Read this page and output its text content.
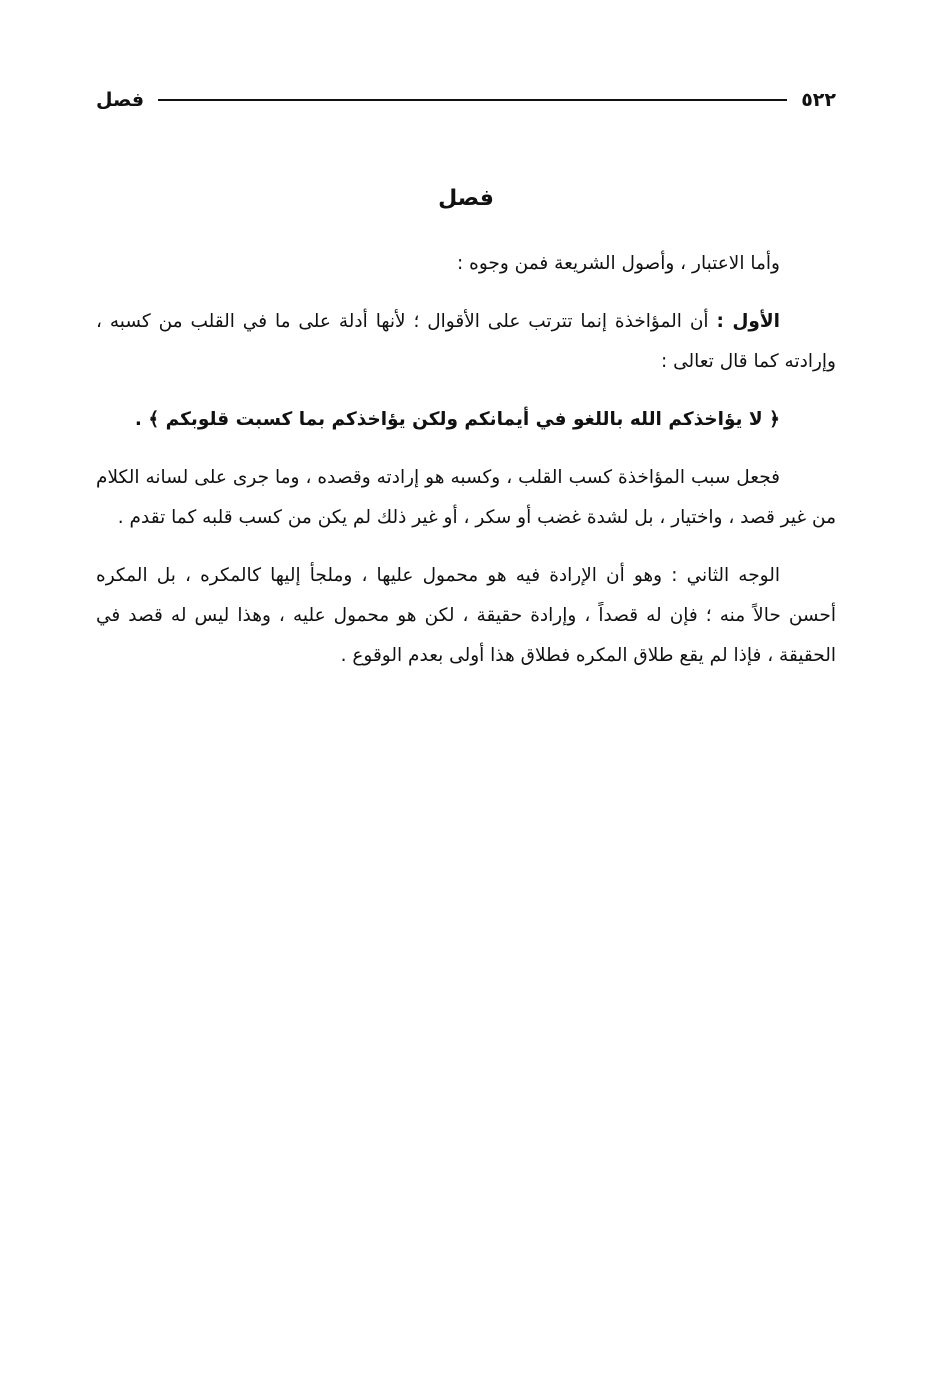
٥٢٢
فصل
فصل

وأما الاعتبار ، وأصول الشريعة فمن وجوه :

الأول : أن المؤاخذة إنما تترتب على الأقوال ؛ لأنها أدلة على ما في القلب من كسبه ، وإرادته كما قال تعالى :

﴿ لا يؤاخذكم الله باللغو في أيمانكم ولكن يؤاخذكم بما كسبت قلوبكم ﴾ .

فجعل سبب المؤاخذة كسب القلب ، وكسبه هو إرادته وقصده ، وما جرى على لسانه الكلام من غير قصد ، واختيار ، بل لشدة غضب أو سكر ، أو غير ذلك لم يكن من كسب قلبه كما تقدم .

الوجه الثاني : وهو أن الإرادة فيه هو محمول عليها ، وملجأ إليها كالمكره ، بل المكره أحسن حالاً منه ؛ فإن له قصداً ، وإرادة حقيقة ، لكن هو محمول عليه ، وهذا ليس له قصد في الحقيقة ، فإذا لم يقع طلاق المكره فطلاق هذا أولى بعدم الوقوع .
